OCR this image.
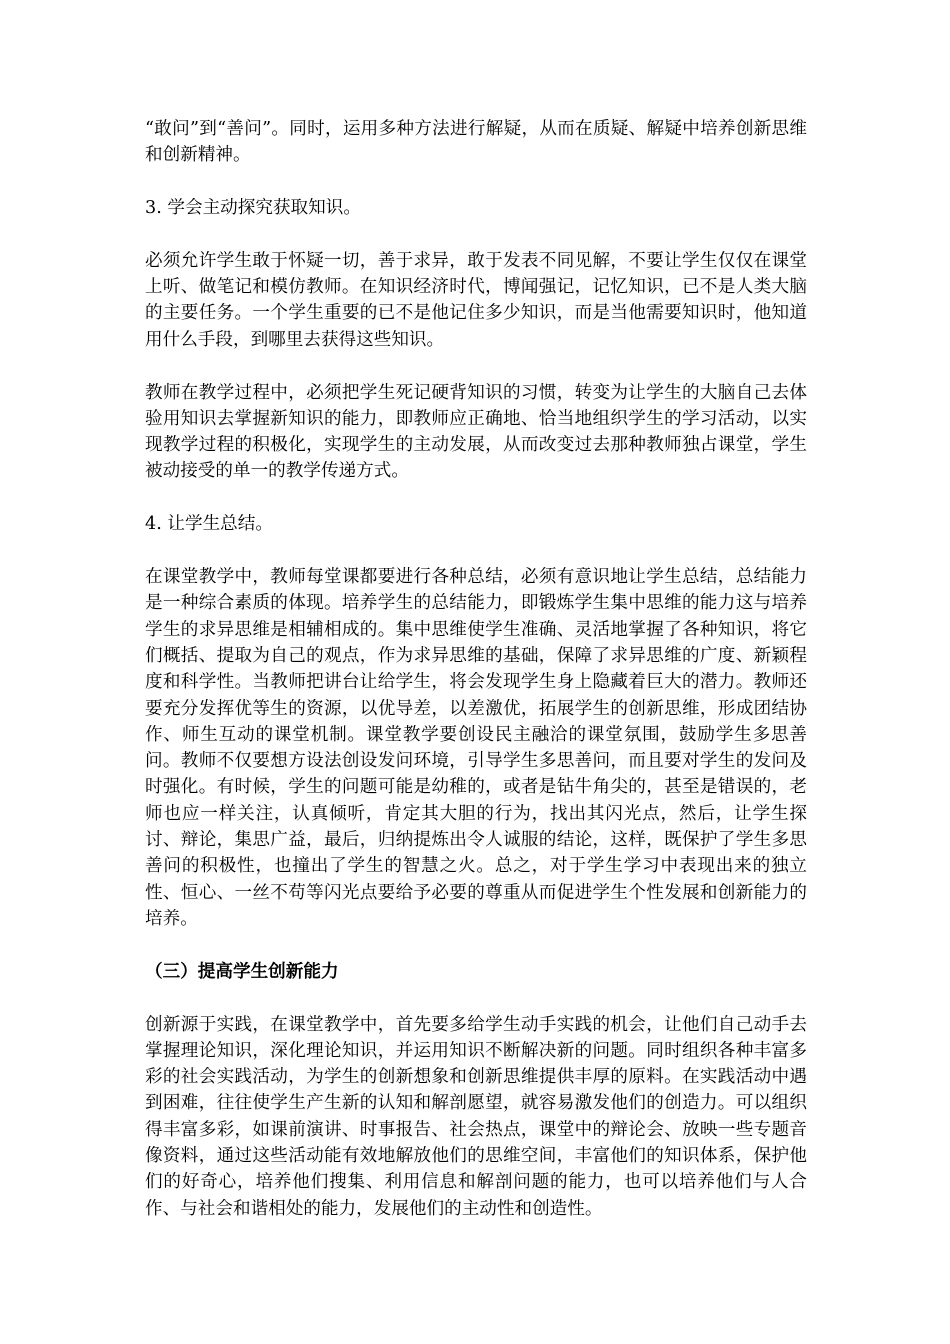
“敢问”到“善问”。同时，运用多种方法进行解疑，从而在质疑、解疑中培养创新思维和创新精神。

3. 学会主动探究获取知识。

必须允许学生敢于怀疑一切，善于求异，敢于发表不同见解，不要让学生仅仅在课堂上听、做笔记和模仿教师。在知识经济时代，博闻强记，记忆知识，已不是人类大脑的主要任务。一个学生重要的已不是他记住多少知识，而是当他需要知识时，他知道用什么手段，到哪里去获得这些知识。

教师在教学过程中，必须把学生死记硬背知识的习惯，转变为让学生的大脑自己去体验用知识去掌握新知识的能力，即教师应正确地、恰当地组织学生的学习活动，以实现教学过程的积极化，实现学生的主动发展，从而改变过去那种教师独占课堂，学生被动接受的单一的教学传递方式。

4. 让学生总结。

在课堂教学中，教师每堂课都要进行各种总结，必须有意识地让学生总结，总结能力是一种综合素质的体现。培养学生的总结能力，即锻炼学生集中思维的能力这与培养学生的求异思维是相辅相成的。集中思维使学生准确、灵活地掌握了各种知识，将它们概括、提取为自己的观点，作为求异思维的基础，保障了求异思维的广度、新颖程度和科学性。当教师把讲台让给学生，将会发现学生身上隐藏着巨大的潜力。教师还要充分发挥优等生的资源，以优导差，以差激优，拓展学生的创新思维，形成团结协作、师生互动的课堂机制。课堂教学要创设民主融洽的课堂氛围，鼓励学生多思善问。教师不仅要想方设法创设发问环境，引导学生多思善问，而且要对学生的发问及时强化。有时候，学生的问题可能是幼稚的，或者是钻牛角尖的，甚至是错误的，老师也应一样关注，认真倾听，肯定其大胆的行为，找出其闪光点，然后，让学生探讨、辩论，集思广益，最后，归纳提炼出令人诚服的结论，这样，既保护了学生多思善问的积极性，也撞出了学生的智慧之火。总之，对于学生学习中表现出来的独立性、恒心、一丝不苟等闪光点要给予必要的尊重从而促进学生个性发展和创新能力的培养。

（三）提高学生创新能力

创新源于实践，在课堂教学中，首先要多给学生动手实践的机会，让他们自己动手去掌握理论知识，深化理论知识，并运用知识不断解决新的问题。同时组织各种丰富多彩的社会实践活动，为学生的创新想象和创新思维提供丰厚的原料。在实践活动中遇到困难，往往使学生产生新的认知和解剖愿望，就容易激发他们的创造力。可以组织得丰富多彩，如课前演讲、时事报告、社会热点，课堂中的辩论会、放映一些专题音像资料，通过这些活动能有效地解放他们的思维空间，丰富他们的知识体系，保护他们的好奇心，培养他们搜集、利用信息和解剖问题的能力，也可以培养他们与人合作、与社会和谐相处的能力，发展他们的主动性和创造性。
